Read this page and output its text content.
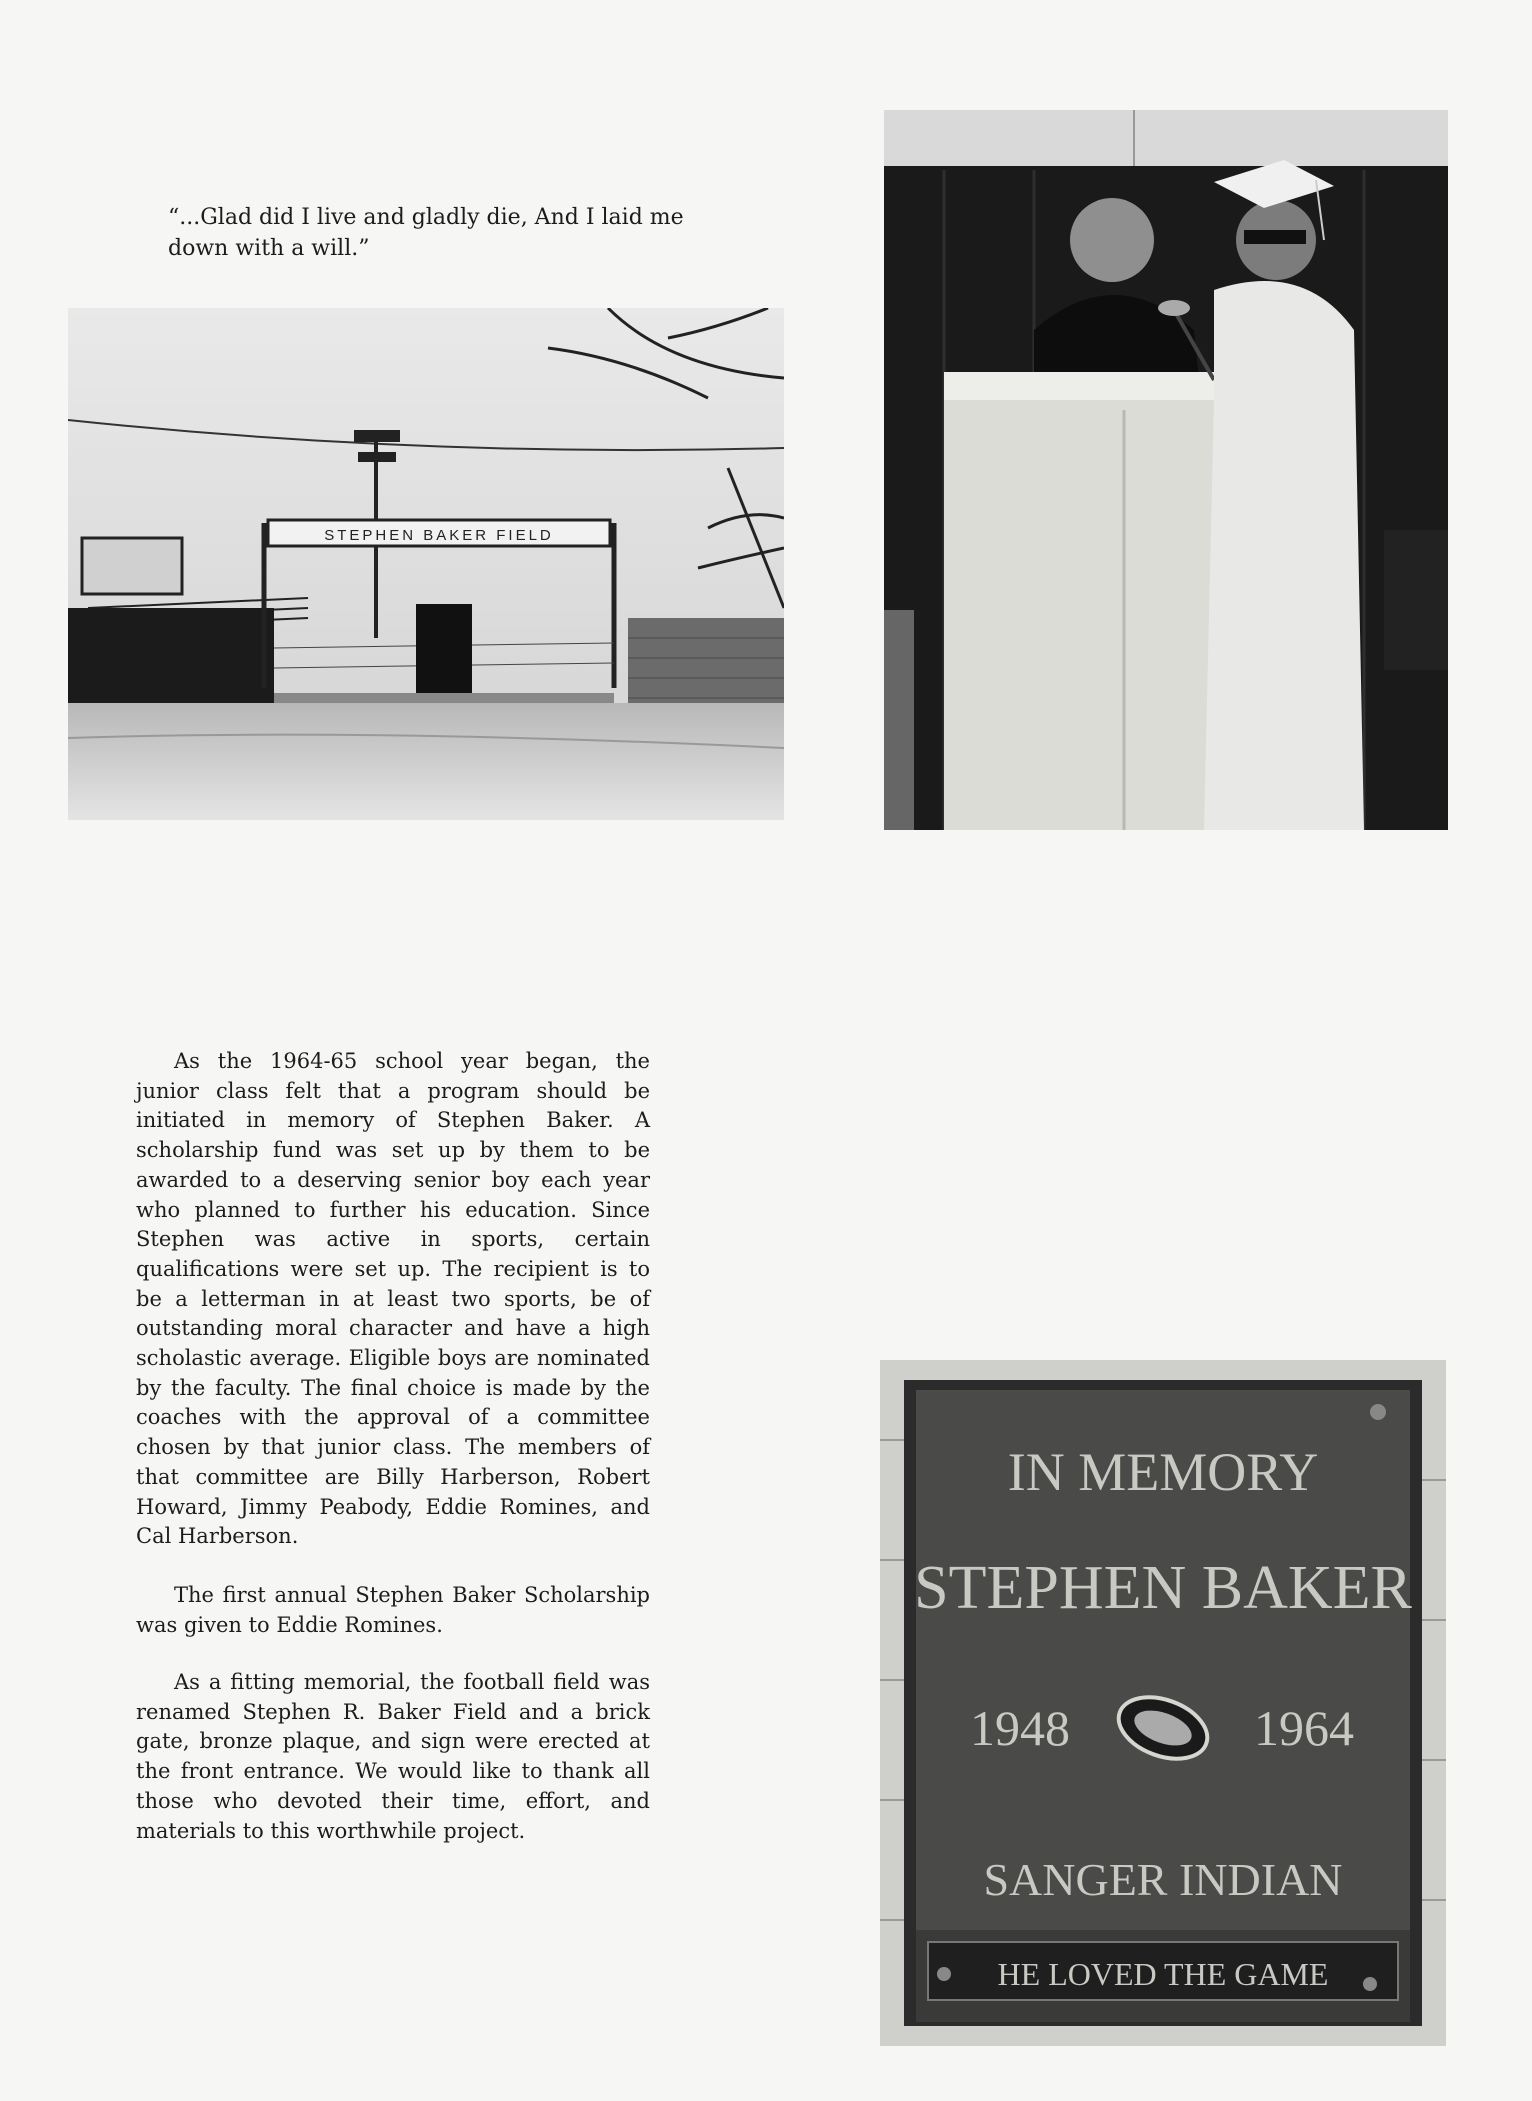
“...Glad did I live and gladly die, And I laid me down with a will.”
STEPHEN BAKER FIELD
IN MEMORY
STEPHEN BAKER
1948	1964
SANGER INDIAN
HE LOVED THE GAME

As the 1964-65 school year began, the junior class felt that a program should be initiated in memory of Stephen Baker. A scholarship fund was set up by them to be awarded to a deserving senior boy each year who planned to further his education. Since Stephen was active in sports, certain qualifications were set up. The recipient is to be a letterman in at least two sports, be of outstanding moral character and have a high scholastic average. Eligible boys are nominated by the faculty. The final choice is made by the coaches with the approval of a committee chosen by that junior class. The members of that committee are Billy Harberson, Robert Howard, Jimmy Peabody, Eddie Romines, and Cal Harberson.

The first annual Stephen Baker Scholarship was given to Eddie Romines.

As a fitting memorial, the football field was renamed Stephen R. Baker Field and a brick gate, bronze plaque, and sign were erected at the front entrance. We would like to thank all those who devoted their time, effort, and materials to this worthwhile project.
